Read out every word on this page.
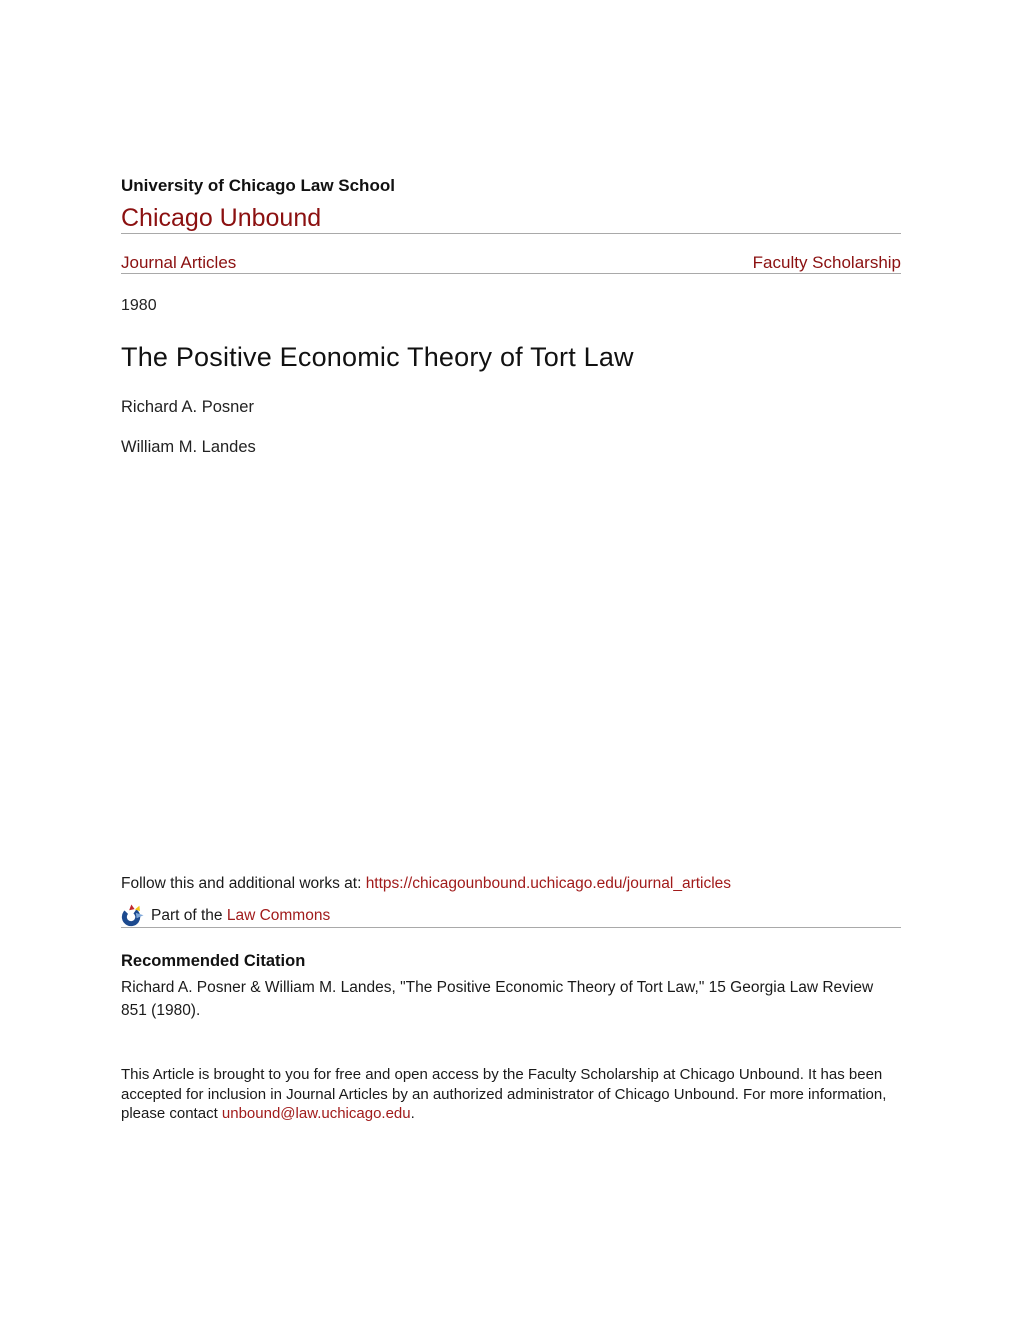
University of Chicago Law School
Chicago Unbound
Journal Articles	Faculty Scholarship
1980
The Positive Economic Theory of Tort Law
Richard A. Posner
William M. Landes
Follow this and additional works at: https://chicagounbound.uchicago.edu/journal_articles
Part of the Law Commons
Recommended Citation
Richard A. Posner & William M. Landes, "The Positive Economic Theory of Tort Law," 15 Georgia Law Review 851 (1980).
This Article is brought to you for free and open access by the Faculty Scholarship at Chicago Unbound. It has been accepted for inclusion in Journal Articles by an authorized administrator of Chicago Unbound. For more information, please contact unbound@law.uchicago.edu.
